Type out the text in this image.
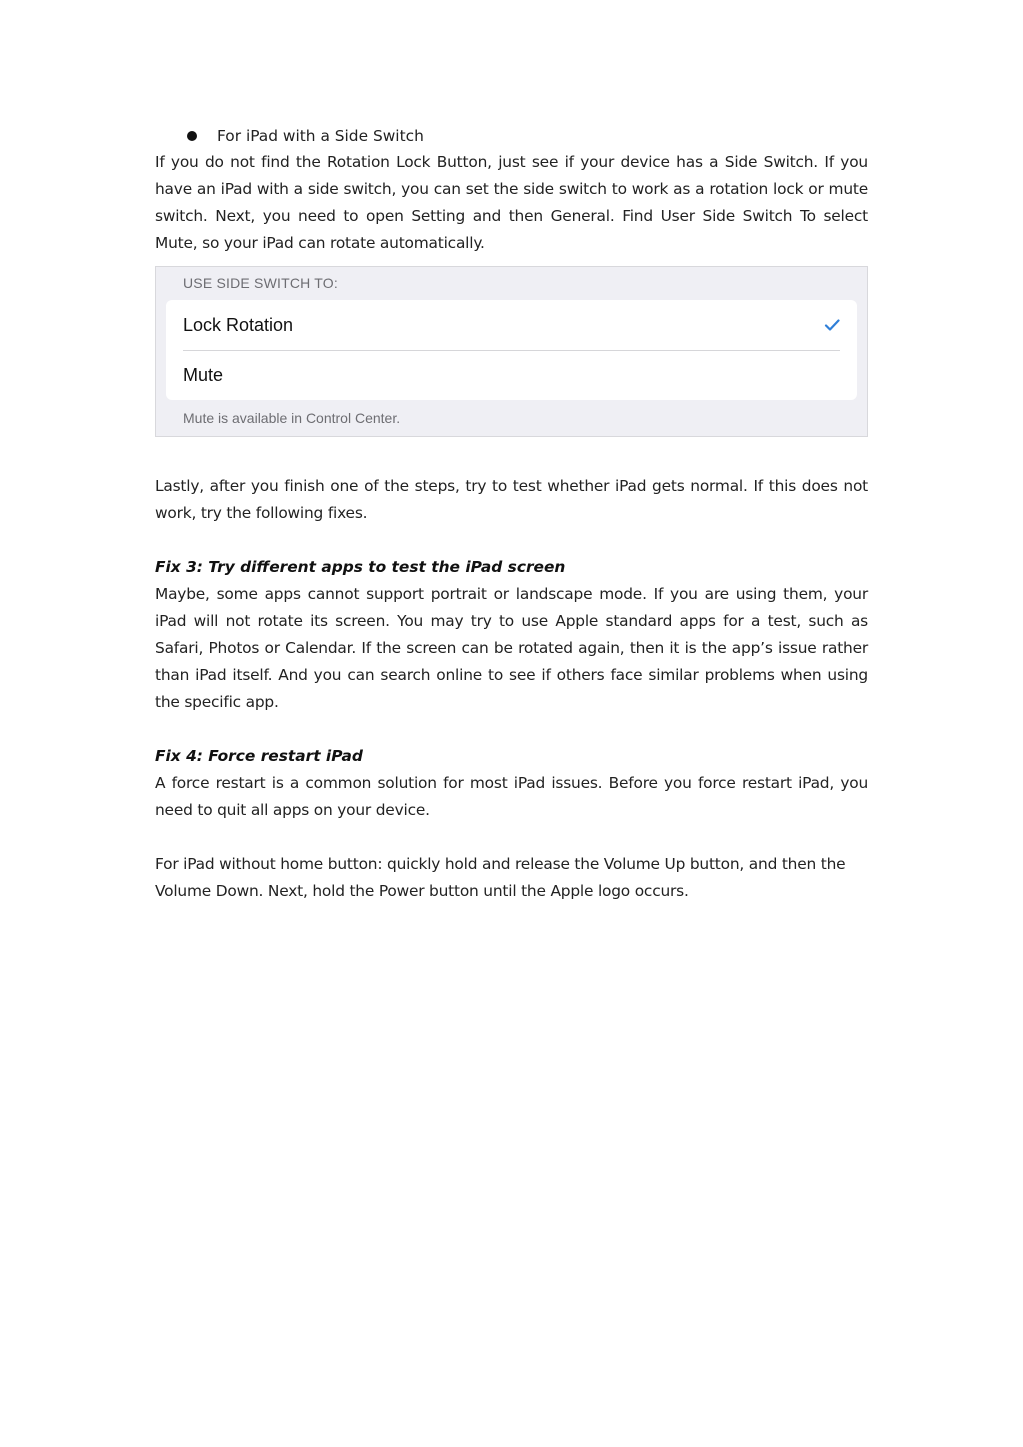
For iPad with a Side Switch

If you do not find the Rotation Lock Button, just see if your device has a Side Switch. If you have an iPad with a side switch, you can set the side switch to work as a rotation lock or mute switch. Next, you need to open Setting and then General. Find User Side Switch To select Mute, so your iPad can rotate automatically.

USE SIDE SWITCH TO:
Lock Rotation
Mute
Mute is available in Control Center.

Lastly, after you finish one of the steps, try to test whether iPad gets normal. If this does not work, try the following fixes.

Fix 3: Try different apps to test the iPad screen

Maybe, some apps cannot support portrait or landscape mode. If you are using them, your iPad will not rotate its screen. You may try to use Apple standard apps for a test, such as Safari, Photos or Calendar. If the screen can be rotated again, then it is the app’s issue rather than iPad itself. And you can search online to see if others face similar problems when using the specific app.

Fix 4: Force restart iPad

A force restart is a common solution for most iPad issues. Before you force restart iPad, you need to quit all apps on your device.

For iPad without home button: quickly hold and release the Volume Up button, and then the Volume Down. Next, hold the Power button until the Apple logo occurs.
